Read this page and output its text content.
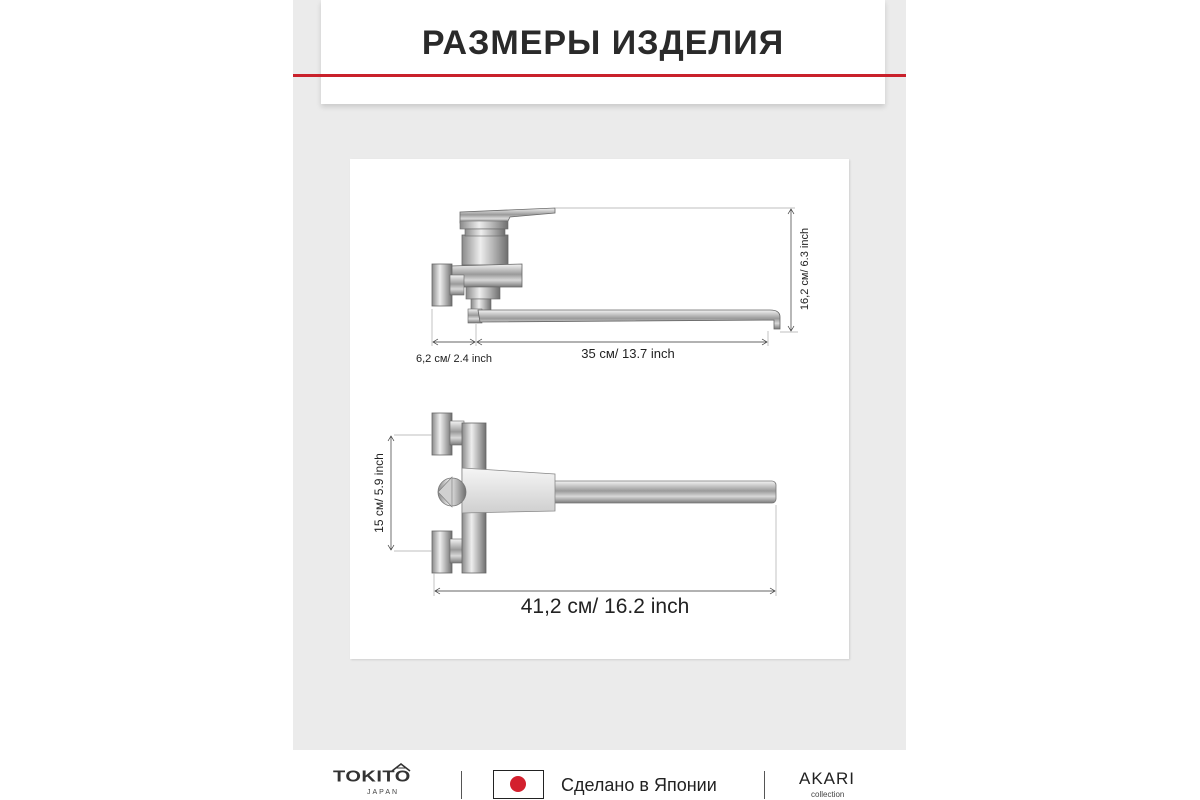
РАЗМЕРЫ ИЗДЕЛИЯ
16,2 см/ 6.3 inch
6,2 см/ 2.4 inch	35 см/ 13.7 inch
15 см/ 5.9 inch
41,2 см/ 16.2 inch
TOKITO
JAPAN	Сделано в Японии	AKARI
collection
